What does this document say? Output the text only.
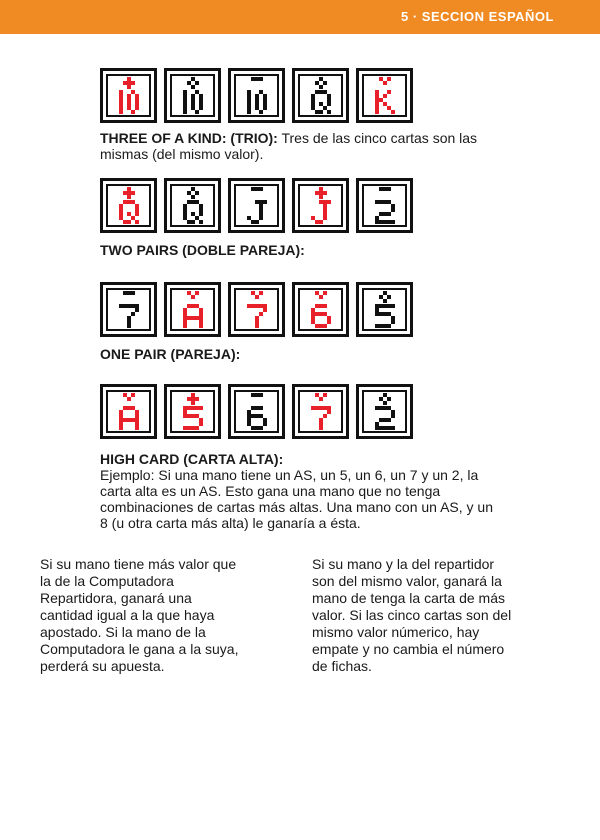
5 · SECCION ESPAÑOL
THREE OF A KIND: (TRIO): Tres de las cinco cartas son las mismas (del mismo valor).
TWO PAIRS (DOBLE PAREJA):
ONE PAIR (PAREJA):
HIGH CARD (CARTA ALTA):
Ejemplo: Si una mano tiene un AS, un 5, un 6, un 7 y un 2, la carta alta es un AS. Esto gana una mano que no tenga combinaciones de cartas más altas. Una mano con un AS, y un 8 (u otra carta más alta) le ganaría a ésta.
Si su mano tiene más valor que la de la Computadora Repartidora, ganará una cantidad igual a la que haya apostado. Si la mano de la Computadora le gana a la suya, perderá su apuesta.
Si su mano y la del repartidor son del mismo valor, ganará la mano de tenga la carta de más valor. Si las cinco cartas son del mismo valor númerico, hay empate y no cambia el número de fichas.
